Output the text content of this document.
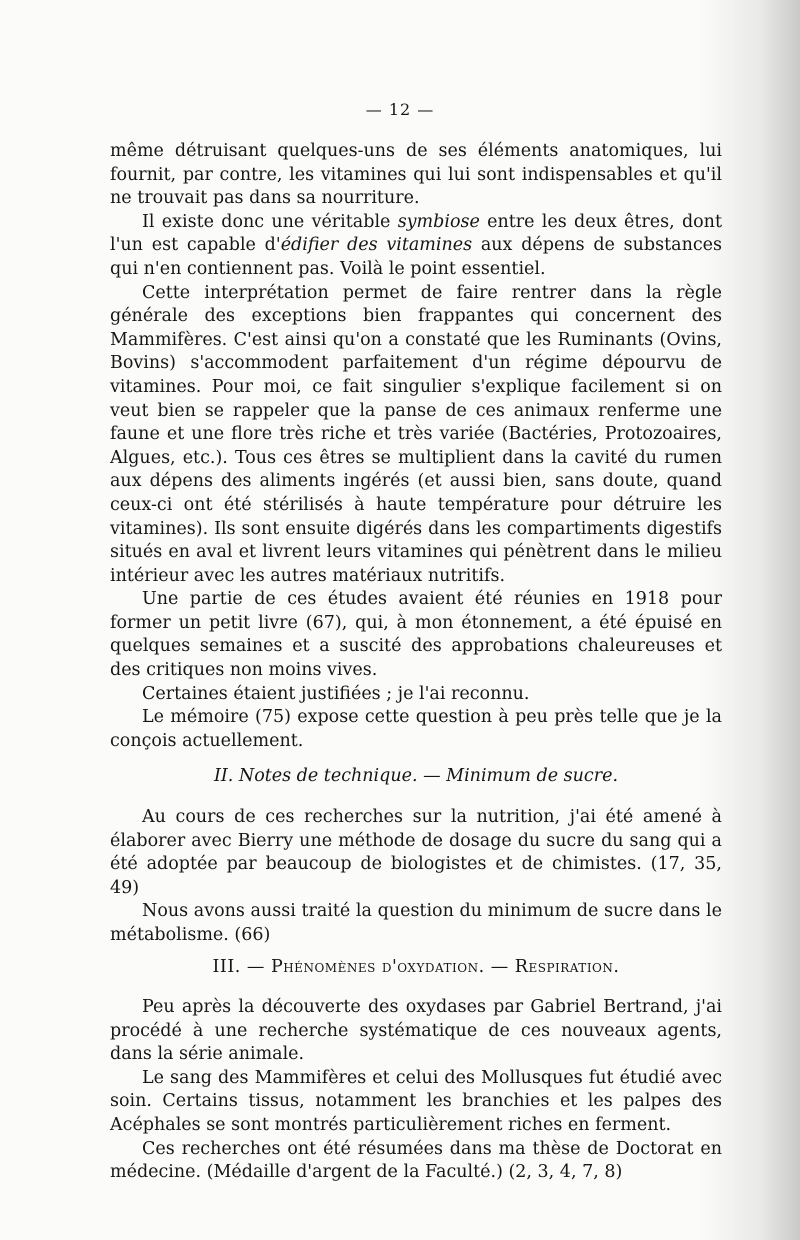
— 12 —

même détruisant quelques-uns de ses éléments anatomiques, lui fournit, par contre, les vitamines qui lui sont indispensables et qu'il ne trouvait pas dans sa nourriture.

Il existe donc une véritable symbiose entre les deux êtres, dont l'un est capable d'édifier des vitamines aux dépens de substances qui n'en contiennent pas. Voilà le point essentiel.

Cette interprétation permet de faire rentrer dans la règle générale des exceptions bien frappantes qui concernent des Mammifères. C'est ainsi qu'on a constaté que les Ruminants (Ovins, Bovins) s'accommodent parfaitement d'un régime dépourvu de vitamines. Pour moi, ce fait singulier s'explique facilement si on veut bien se rappeler que la panse de ces animaux renferme une faune et une flore très riche et très variée (Bactéries, Protozoaires, Algues, etc.). Tous ces êtres se multiplient dans la cavité du rumen aux dépens des aliments ingérés (et aussi bien, sans doute, quand ceux-ci ont été stérilisés à haute température pour détruire les vitamines). Ils sont ensuite digérés dans les compartiments digestifs situés en aval et livrent leurs vitamines qui pénètrent dans le milieu intérieur avec les autres matériaux nutritifs.

Une partie de ces études avaient été réunies en 1918 pour former un petit livre (67), qui, à mon étonnement, a été épuisé en quelques semaines et a suscité des approbations chaleureuses et des critiques non moins vives.

Certaines étaient justifiées ; je l'ai reconnu.

Le mémoire (75) expose cette question à peu près telle que je la conçois actuellement.

II. Notes de technique. — Minimum de sucre.

Au cours de ces recherches sur la nutrition, j'ai été amené à élaborer avec Bierry une méthode de dosage du sucre du sang qui a été adoptée par beaucoup de biologistes et de chimistes. (17, 35, 49)

Nous avons aussi traité la question du minimum de sucre dans le métabolisme. (66)

III. — Phénomènes d'oxydation. — Respiration.

Peu après la découverte des oxydases par Gabriel Bertrand, j'ai procédé à une recherche systématique de ces nouveaux agents, dans la série animale.

Le sang des Mammifères et celui des Mollusques fut étudié avec soin. Certains tissus, notamment les branchies et les palpes des Acéphales se sont montrés particulièrement riches en ferment.

Ces recherches ont été résumées dans ma thèse de Doctorat en médecine. (Médaille d'argent de la Faculté.) (2, 3, 4, 7, 8)
